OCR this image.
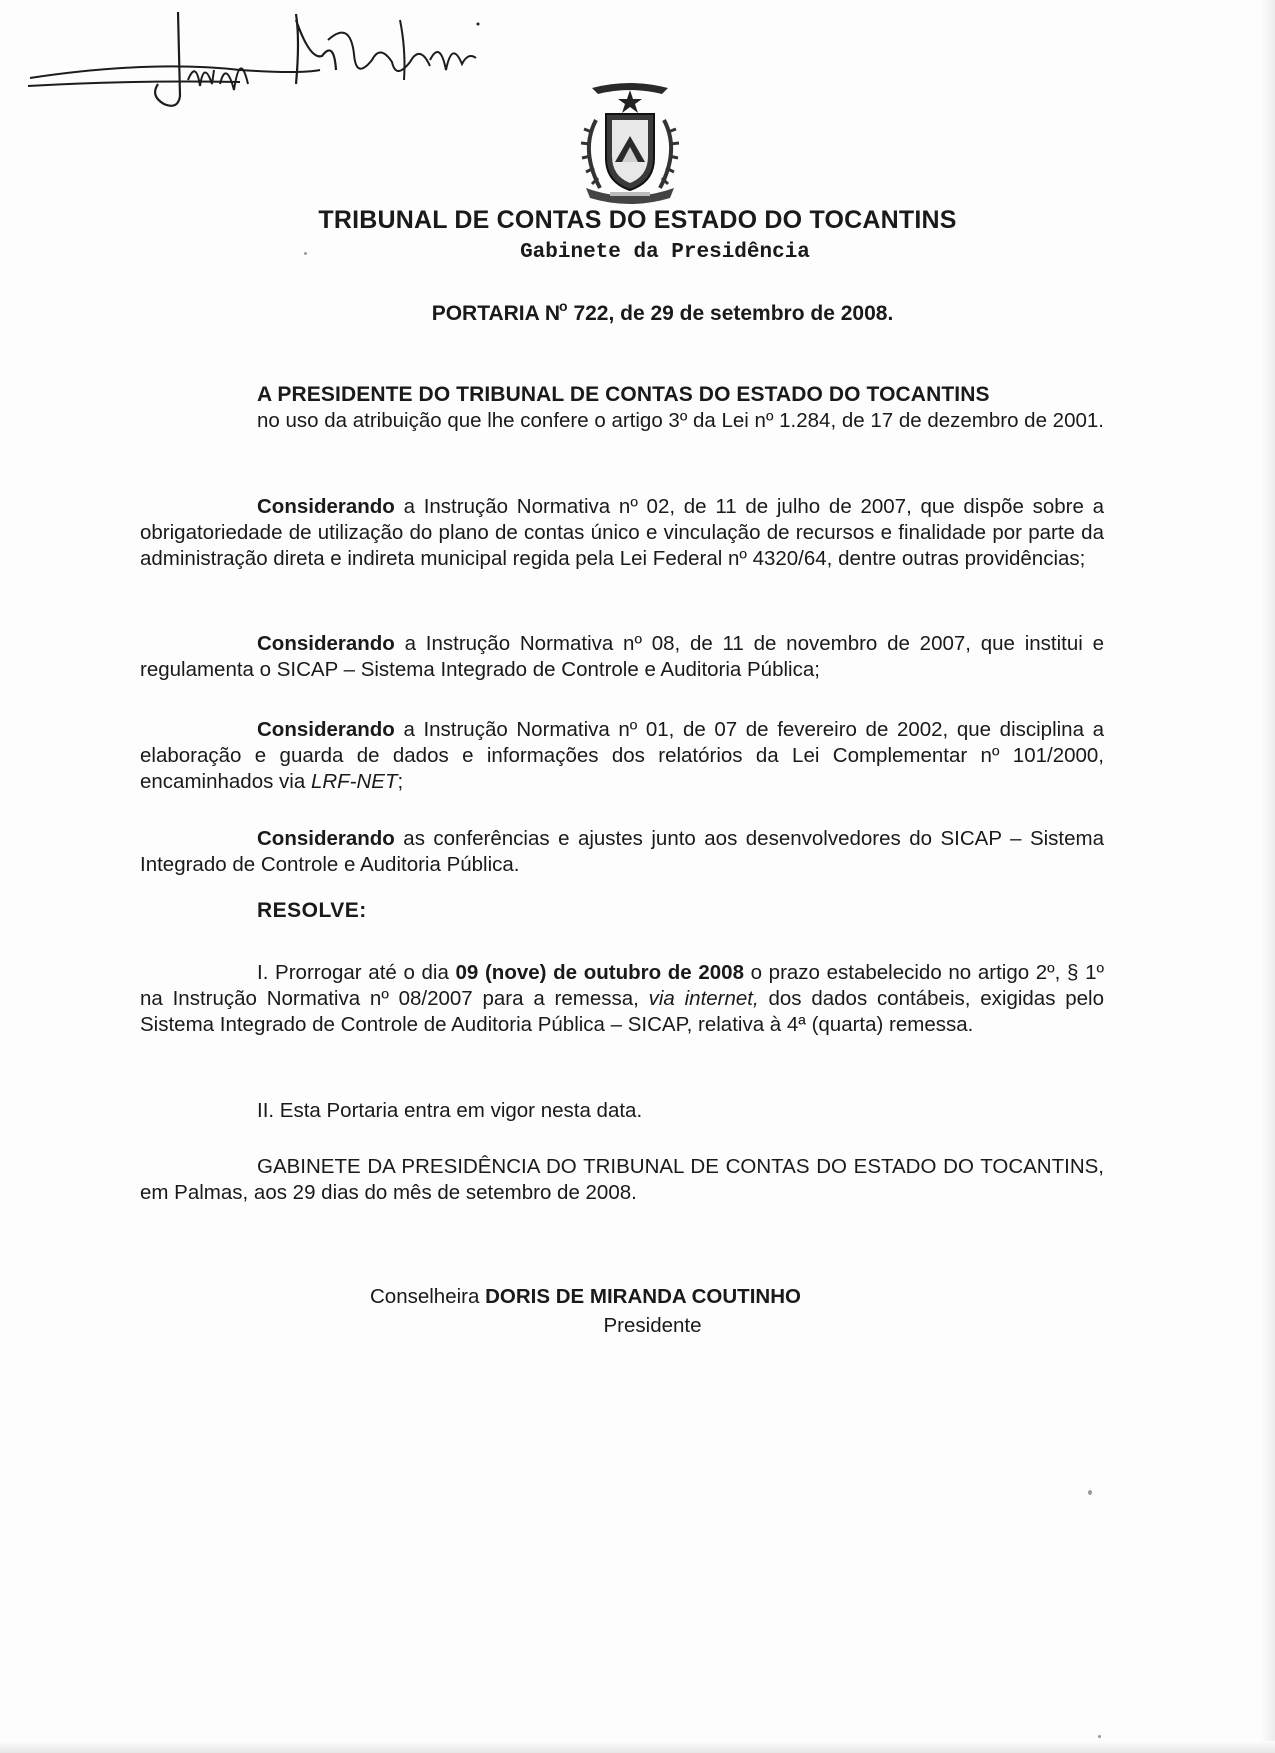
TRIBUNAL DE CONTAS DO ESTADO DO TOCANTINS
Gabinete da Presidência
PORTARIA $N^o$ 722, de 29 de setembro de 2008.
A PRESIDENTE DO TRIBUNAL DE CONTAS DO ESTADO DO TOCANTINS
no uso da atribuição que lhe confere o artigo 3º da Lei nº 1.284, de 17 de dezembro de 2001.
Considerando a Instrução Normativa nº 02, de 11 de julho de 2007, que dispõe sobre a obrigatoriedade de utilização do plano de contas único e vinculação de recursos e finalidade por parte da administração direta e indireta municipal regida pela Lei Federal nº 4320/64, dentre outras providências;
Considerando a Instrução Normativa nº 08, de 11 de novembro de 2007, que institui e regulamenta o SICAP – Sistema Integrado de Controle e Auditoria Pública;
Considerando a Instrução Normativa nº 01, de 07 de fevereiro de 2002, que disciplina a elaboração e guarda de dados e informações dos relatórios da Lei Complementar nº 101/2000, encaminhados via LRF-NET;
Considerando as conferências e ajustes junto aos desenvolvedores do SICAP – Sistema Integrado de Controle e Auditoria Pública.
RESOLVE:
I. Prorrogar até o dia 09 (nove) de outubro de 2008 o prazo estabelecido no artigo 2º, § 1º na Instrução Normativa nº 08/2007 para a remessa, via internet, dos dados contábeis, exigidas pelo Sistema Integrado de Controle de Auditoria Pública – SICAP, relativa à 4ª (quarta) remessa.
II. Esta Portaria entra em vigor nesta data.
GABINETE DA PRESIDÊNCIA DO TRIBUNAL DE CONTAS DO ESTADO DO TOCANTINS, em Palmas, aos 29 dias do mês de setembro de 2008.
Conselheira DORIS DE MIRANDA COUTINHO
Presidente
